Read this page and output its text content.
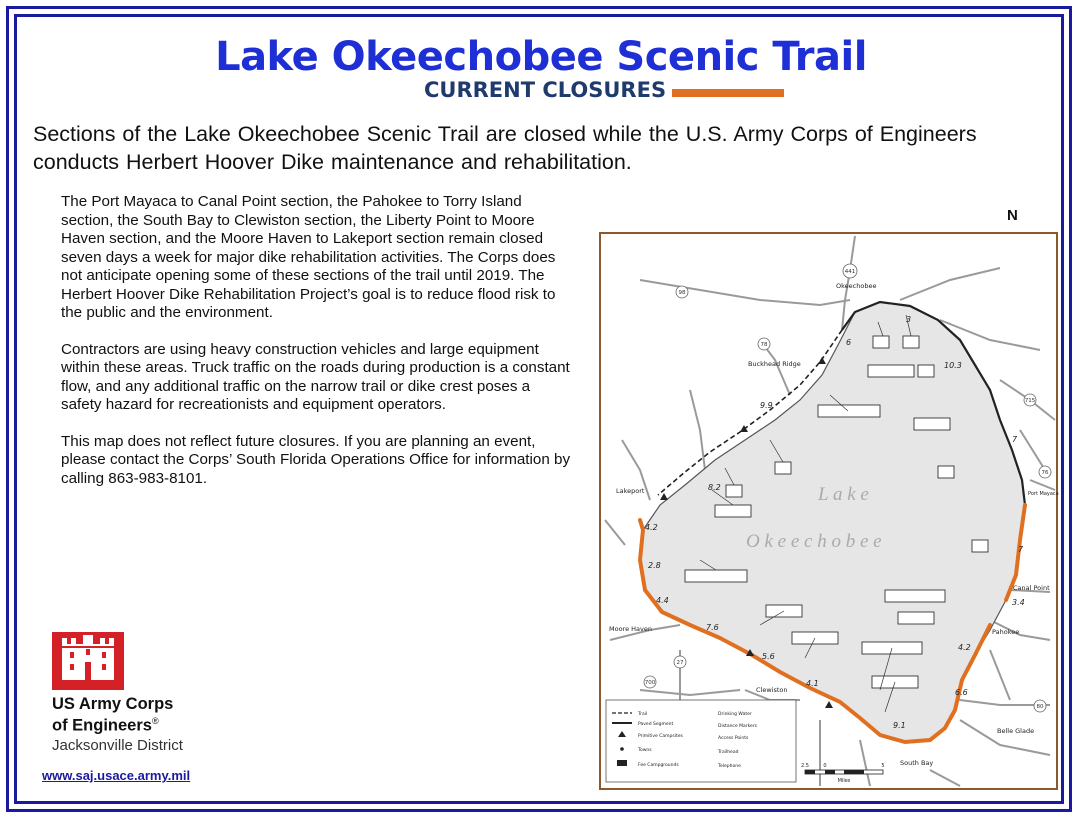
Lake Okeechobee Scenic Trail
CURRENT CLOSURES
Sections of the Lake Okeechobee Scenic Trail are closed while the U.S. Army Corps of Engineers conducts Herbert Hoover Dike maintenance and rehabilitation.

The Port Mayaca to Canal Point section, the Pahokee to Torry Island section, the South Bay to Clewiston section, the Liberty Point to Moore Haven section, and the Moore Haven to Lakeport section remain closed seven days a week for major dike rehabilitation activities. The Corps does not anticipate opening some of these sections of the trail until 2019. The Herbert Hoover Dike Rehabilitation Project’s goal is to reduce flood risk to the public and the environment.

Contractors are using heavy construction vehicles and large equipment within these areas. Truck traffic on the roads during production is a constant flow, and any additional traffic on the narrow trail or dike crest poses a safety hazard for recreationists and equipment operators.

This map does not reflect future closures. If you are planning an event, please contact the Corps’ South Florida Operations Office for information by calling 863-983-8101.

US Army Corps
of Engineers®
Jacksonville District
www.saj.usace.army.mil
N
L a k e
O k e e c h o b e e
Okeechobee
Buckhead Ridge
Lakeport
Moore Haven
Clewiston
South Bay
Belle Glade
Pahokee
Canal Point
Port Mayaca
3
10.3
7
7
3.4
4.2
6.6
9.1
4.1
5.6
7.6
4.4
2.8
4.2
8.2
9.9
6
441
98
78
27
80
715
76
700
Trail
Paved Segment
Primitive Campsites
Towns
Fee Campgrounds
Drinking Water
Distance Markers
Access Points
Trailhead
Telephone	2.5	0	5
Miles
